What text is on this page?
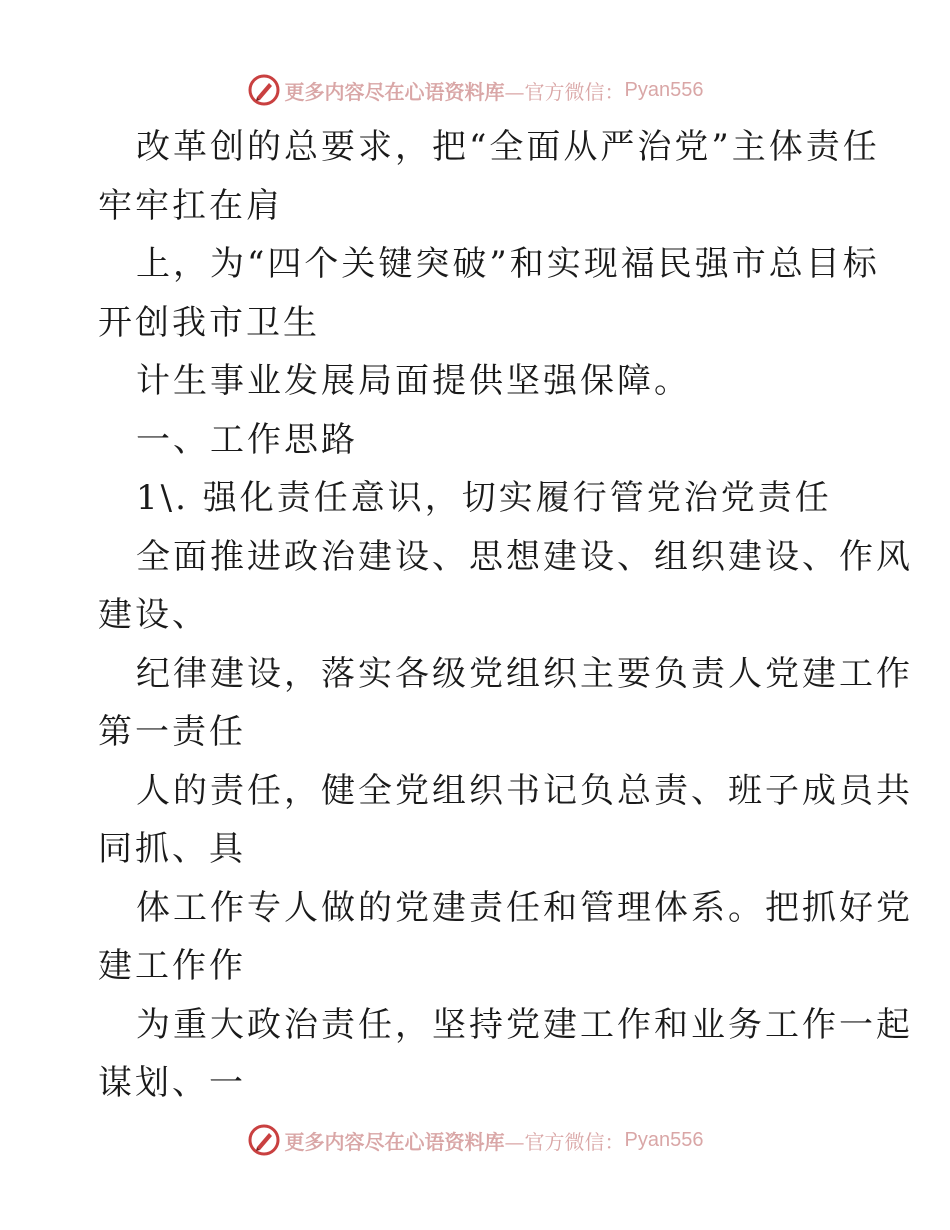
更多内容尽在心语资料库 —官方微信： Pyan556
改革创的总要求，把“全面从严治党”主体责任
牢牢扛在肩
上，为“四个关键突破”和实现福民强市总目标
开创我市卫生
计生事业发展局面提供坚强保障。
一、工作思路
1\. 强化责任意识，切实履行管党治党责任
全面推进政治建设、思想建设、组织建设、作风
建设、
纪律建设，落实各级党组织主要负责人党建工作
第一责任
人的责任，健全党组织书记负总责、班子成员共
同抓、具
体工作专人做的党建责任和管理体系。把抓好党
建工作作
为重大政治责任，坚持党建工作和业务工作一起
谋划、一
更多内容尽在心语资料库 —官方微信： Pyan556
